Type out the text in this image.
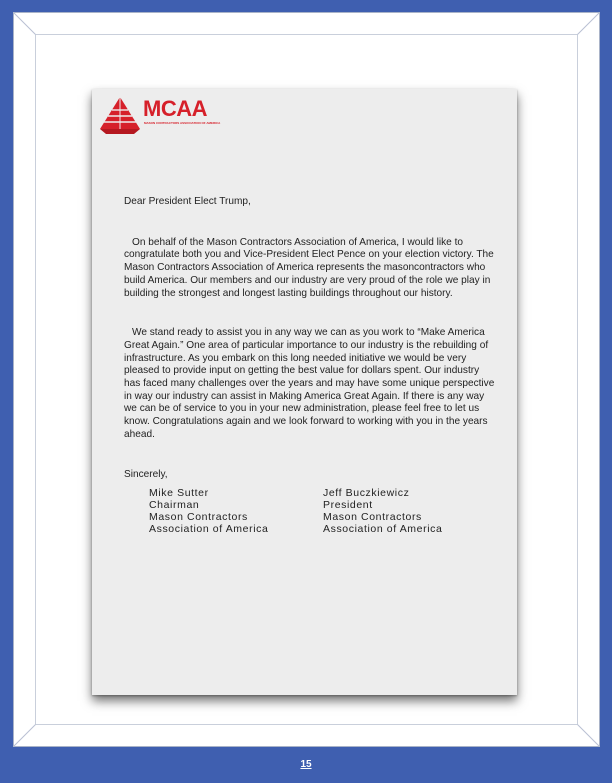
MCAA
MASON CONTRACTORS ASSOCIATION OF AMERICA

Dear President Elect Trump,

On behalf of the Mason Contractors Association of America, I would like to congratulate both you and Vice-President Elect Pence on your election victory. The Mason Contractors Association of America represents the masoncontractors who build America. Our members and our industry are very proud of the role we play in building the strongest and longest lasting buildings throughout our history.

We stand ready to assist you in any way we can as you work to “Make America Great Again.” One area of particular importance to our industry is the rebuilding of infrastructure. As you embark on this long needed initiative we would be very pleased to provide input on getting the best value for dollars spent. Our industry has faced many challenges over the years and may have some unique perspective in way our industry can assist in Making America Great Again. If there is any way we can be of service to you in your new administration, please feel free to let us know. Congratulations again and we look forward to working with you in the years ahead.

Sincerely,

Mike Sutter
Chairman
Mason Contractors
Association of America
Jeff Buczkiewicz
President
Mason Contractors
Association of America
15
